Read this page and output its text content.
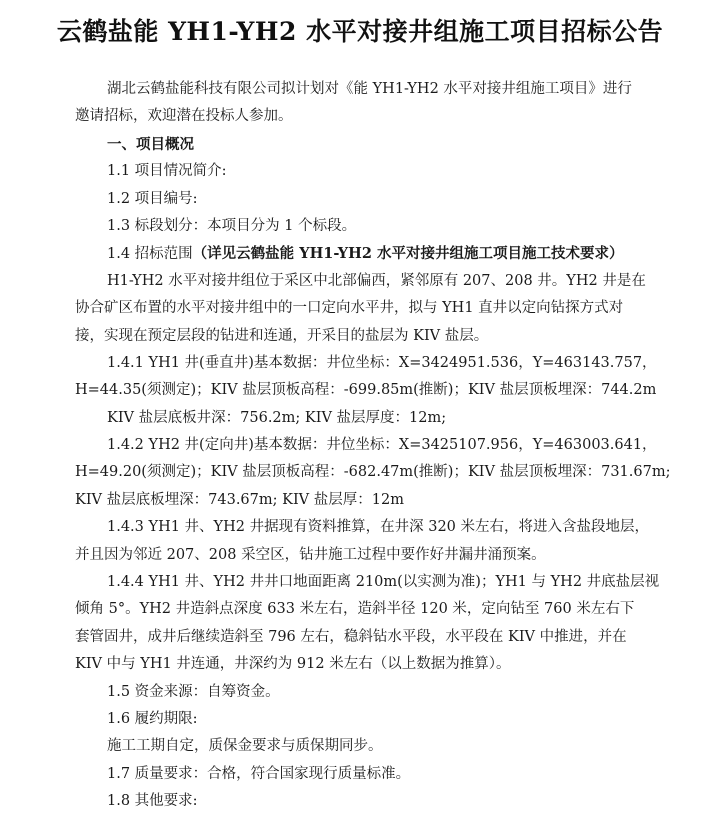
云鹤盐能 YH1-YH2 水平对接井组施工项目招标公告
湖北云鹤盐能科技有限公司拟计划对《能 YH1-YH2 水平对接井组施工项目》进行
邀请招标，欢迎潜在投标人参加。
一、项目概况
1.1 项目情况简介:
1.2 项目编号:
1.3 标段划分：本项目分为 1 个标段。
1.4 招标范围（详见云鹤盐能 YH1-YH2 水平对接井组施工项目施工技术要求）
H1-YH2 水平对接井组位于采区中北部偏西，紧邻原有 207、208 井。YH2 井是在
协合矿区布置的水平对接井组中的一口定向水平井，拟与 YH1 直井以定向钻探方式对
接，实现在预定层段的钻进和连通，开采目的盐层为 KIV 盐层。
1.4.1 YH1 井(垂直井)基本数据：井位坐标：X=3424951.536，Y=463143.757，
H=44.35(须测定)；KIV 盐层顶板高程：-699.85m(推断)；KIV 盐层顶板埋深：744.2m
KIV 盐层底板井深：756.2m; KIV 盐层厚度：12m;
1.4.2 YH2 井(定向井)基本数据：井位坐标：X=3425107.956，Y=463003.641，
H=49.20(须测定)；KIV 盐层顶板高程：-682.47m(推断)；KIV 盐层顶板埋深：731.67m;
KIV 盐层底板埋深：743.67m; KIV 盐层厚：12m
1.4.3 YH1 井、YH2 井据现有资料推算，在井深 320 米左右，将进入含盐段地层，
并且因为邻近 207、208 采空区，钻井施工过程中要作好井漏井涌预案。
1.4.4 YH1 井、YH2 井井口地面距离 210m(以实测为准)；YH1 与 YH2 井底盐层视
倾角 5°。YH2 井造斜点深度 633 米左右，造斜半径 120 米，定向钻至 760 米左右下
套管固井，成井后继续造斜至 796 左右，稳斜钻水平段，水平段在 KIV 中推进，并在
KIV 中与 YH1 井连通，井深约为 912 米左右（以上数据为推算）。
1.5 资金来源：自筹资金。
1.6 履约期限:
施工工期自定，质保金要求与质保期同步。
1.7 质量要求：合格，符合国家现行质量标准。
1.8 其他要求:
